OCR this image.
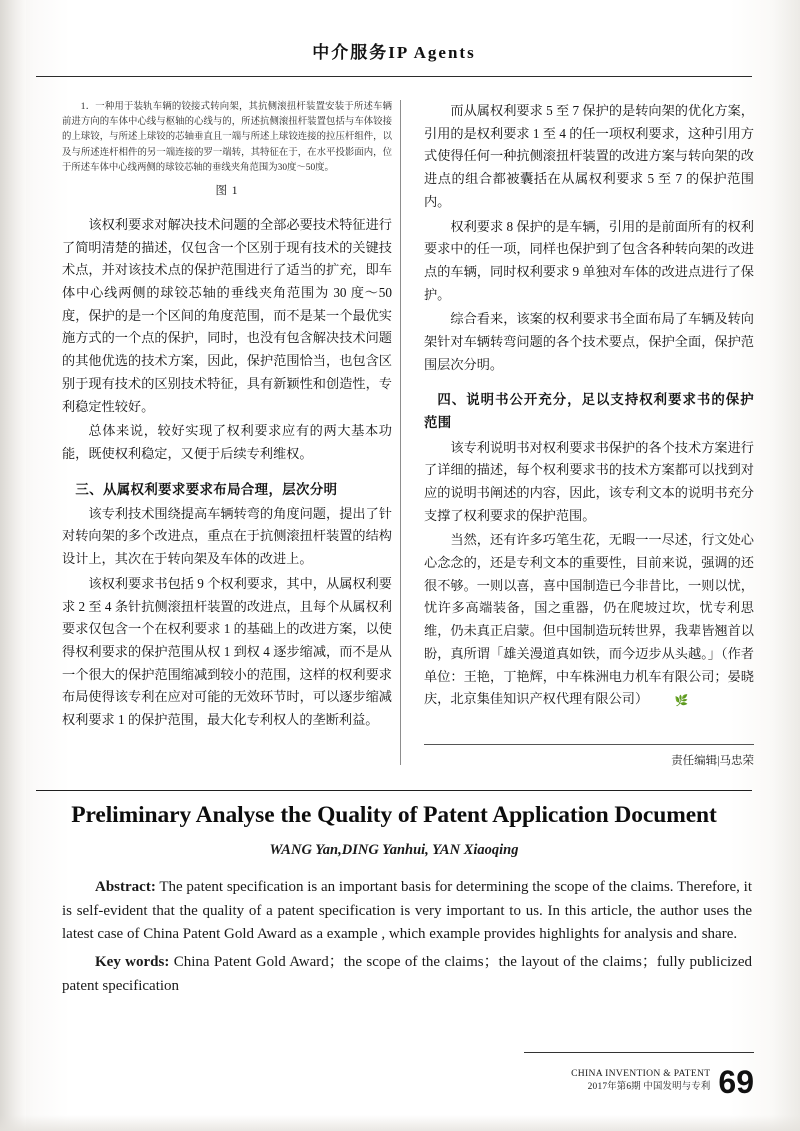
中介服务IP Agents

1．一种用于装轨车辆的铰接式转向架，其抗侧滚扭杆装置安装于所述车辆前进方向的车体中心线与枢轴的心线与的，所述抗侧滚扭杆装置包括与车体铰接的上球铰，与所述上球铰的芯轴垂直且一端与所述上球铰连接的拉压杆组件，以及与所述连杆相件的另一端连接的罗一端转，其特征在于，在水平投影面内，位于所述车体中心线两侧的球铰芯轴的垂线夹角范围为30度～50度。

图 1

该权利要求对解决技术问题的全部必要技术特征进行了简明清楚的描述，仅包含一个区别于现有技术的关键技术点，并对该技术点的保护范围进行了适当的扩充，即车体中心线两侧的球铰芯轴的垂线夹角范围为 30 度～50 度，保护的是一个区间的角度范围，而不是某一个最优实施方式的一个点的保护，同时，也没有包含解决技术问题的其他优选的技术方案，因此，保护范围恰当，也包含区别于现有技术的区别技术特征，具有新颖性和创造性，专利稳定性较好。

总体来说，较好实现了权利要求应有的两大基本功能，既使权利稳定，又便于后续专利维权。

三、从属权利要求要求布局合理，层次分明

该专利技术围绕提高车辆转弯的角度问题，提出了针对转向架的多个改进点，重点在于抗侧滚扭杆装置的结构设计上，其次在于转向架及车体的改进上。

该权利要求书包括 9 个权利要求，其中，从属权利要求 2 至 4 条针抗侧滚扭杆装置的改进点，且每个从属权利要求仅包含一个在权利要求 1 的基础上的改进方案，以使得权利要求的保护范围从权 1 到权 4 逐步缩减，而不是从一个很大的保护范围缩减到较小的范围，这样的权利要求布局使得该专利在应对可能的无效环节时，可以逐步缩减权利要求 1 的保护范围，最大化专利权人的垄断利益。

而从属权利要求 5 至 7 保护的是转向架的优化方案，引用的是权利要求 1 至 4 的任一项权利要求，这种引用方式使得任何一种抗侧滚扭杆装置的改进方案与转向架的改进点的组合都被囊括在从属权利要求 5 至 7 的保护范围内。

权利要求 8 保护的是车辆，引用的是前面所有的权利要求中的任一项，同样也保护到了包含各种转向架的改进点的车辆，同时权利要求 9 单独对车体的改进点进行了保护。

综合看来，该案的权利要求书全面布局了车辆及转向架针对车辆转弯问题的各个技术要点，保护全面，保护范围层次分明。

四、说明书公开充分，足以支持权利要求书的保护范围

该专利说明书对权利要求书保护的各个技术方案进行了详细的描述，每个权利要求书的技术方案都可以找到对应的说明书阐述的内容，因此，该专利文本的说明书充分支撑了权利要求的保护范围。

当然，还有许多巧笔生花，无暇一一尽述，行文处心心念念的，还是专利文本的重要性，目前来说，强调的还很不够。一则以喜，喜中国制造已今非昔比，一则以忧，忧许多高端装备，国之重器，仍在爬坡过坎，忧专利思维，仍未真正启蒙。但中国制造玩转世界，我辈皆翘首以盼，真所谓「雄关漫道真如铁，而今迈步从头越。」（作者单位：王艳，丁艳辉，中车株洲电力机车有限公司；晏晓庆，北京集佳知识产权代理有限公司） 🌿

责任编辑|马忠荣
Preliminary Analyse the Quality of Patent Application Document
WANG Yan,DING Yanhui, YAN Xiaoqing

Abstract: The patent specification is an important basis for determining the scope of the claims. Therefore, it is self-evident that the quality of a patent specification is very important to us. In this article, the author uses the latest case of China Patent Gold Award as a example , which example provides highlights for analysis and share.

Key words: China Patent Gold Award；the scope of the claims；the layout of the claims；fully publicized patent specification

CHINA INVENTION & PATENT
2017年第6期 中国发明与专利 69
